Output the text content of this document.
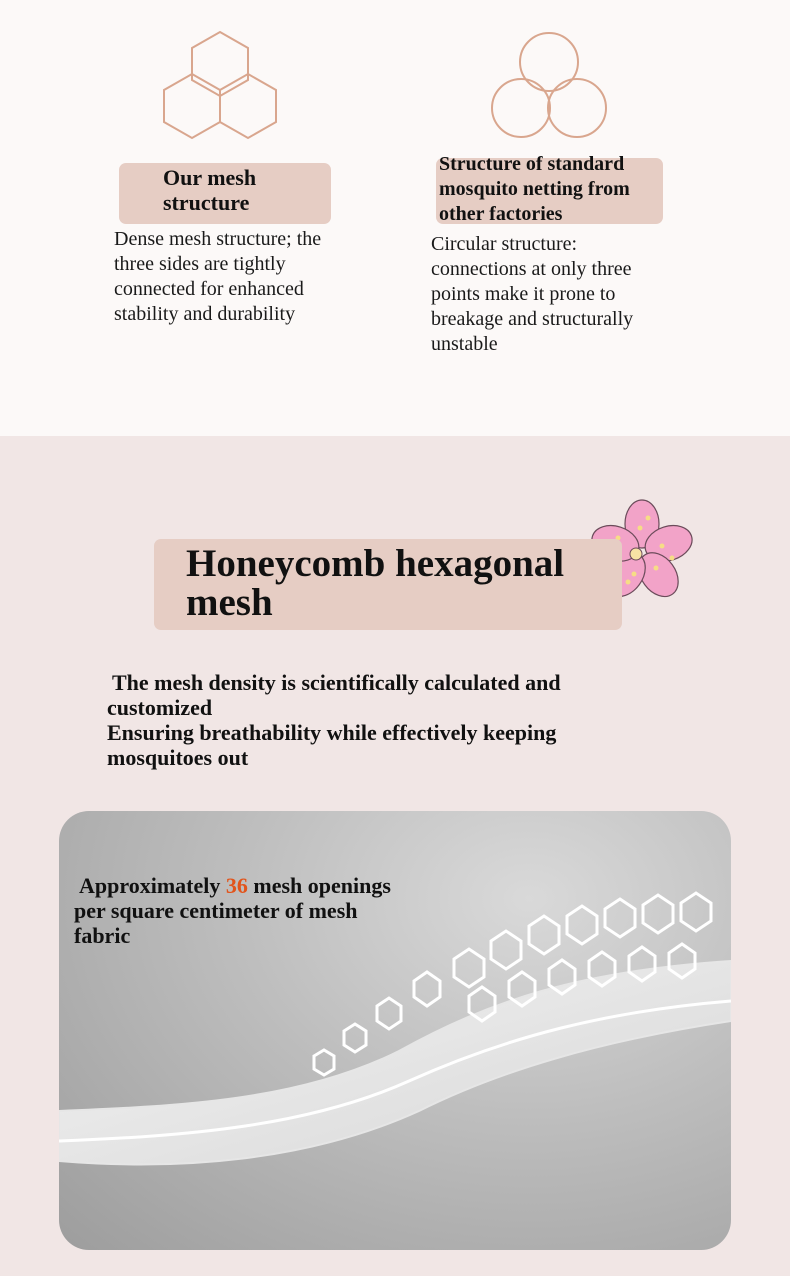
Our mesh structure
Dense mesh structure; the three sides are tightly connected for enhanced stability and durability
Structure of standard mosquito netting from other factories
Circular structure: connections at only three points make it prone to breakage and structurally unstable
Honeycomb hexagonal mesh
The mesh density is scientifically calculated and customized
Ensuring breathability while effectively keeping mosquitoes out
Approximately 36 mesh openings per square centimeter of mesh fabric
